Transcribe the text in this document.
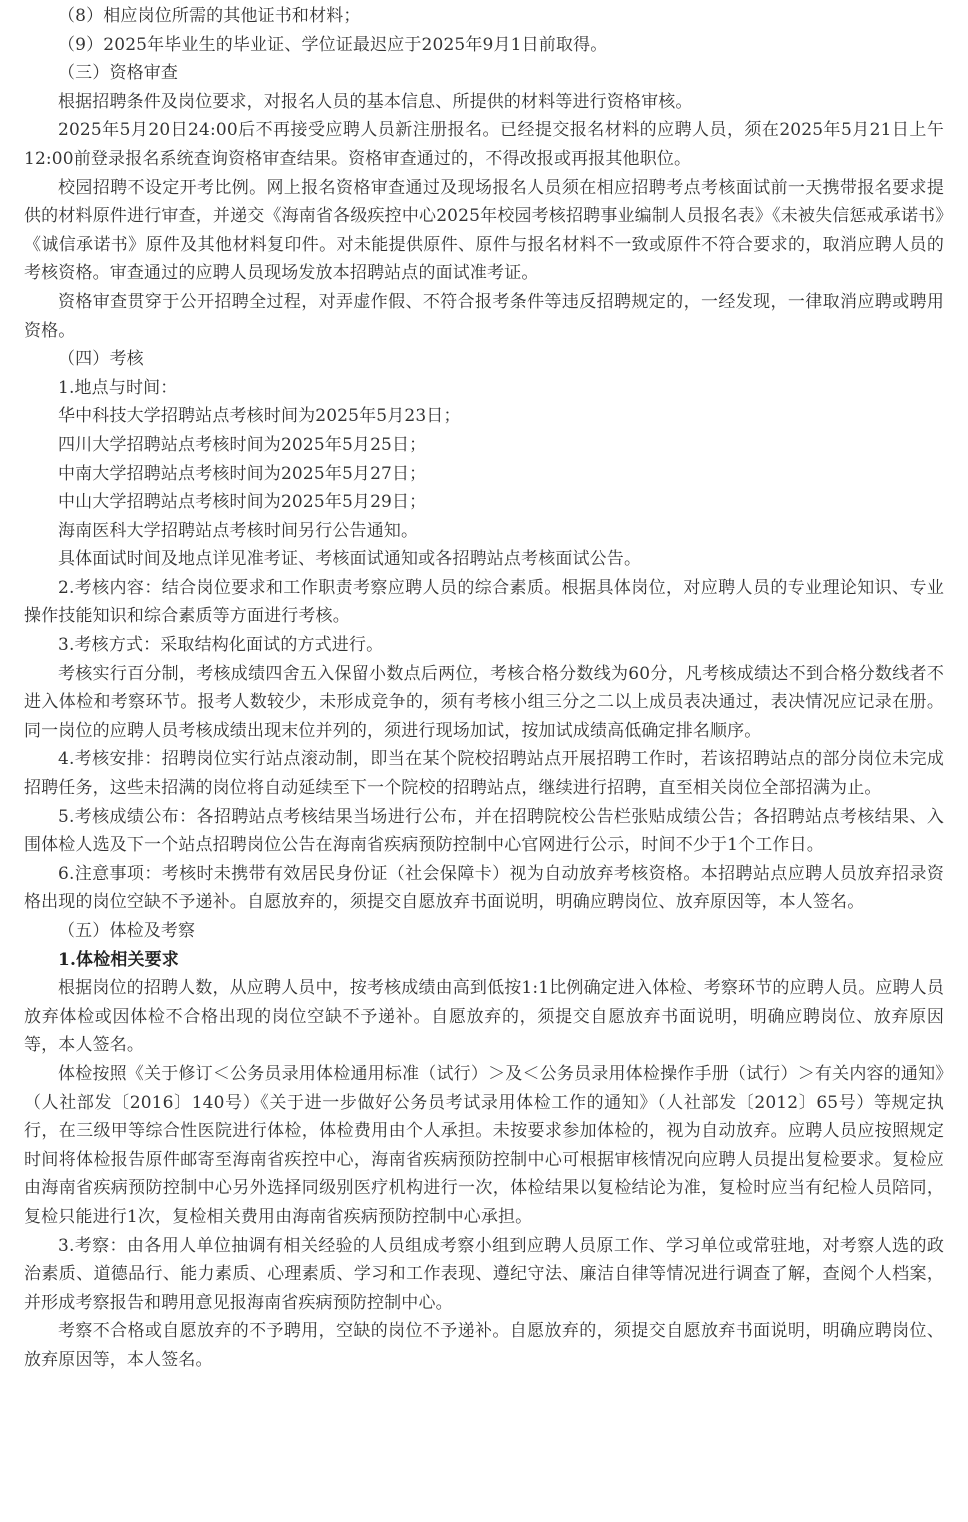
（8）相应岗位所需的其他证书和材料；

（9）2025年毕业生的毕业证、学位证最迟应于2025年9月1日前取得。

（三）资格审查

根据招聘条件及岗位要求，对报名人员的基本信息、所提供的材料等进行资格审核。

2025年5月20日24:00后不再接受应聘人员新注册报名。已经提交报名材料的应聘人员，须在2025年5月21日上午12:00前登录报名系统查询资格审查结果。资格审查通过的，不得改报或再报其他职位。

校园招聘不设定开考比例。网上报名资格审查通过及现场报名人员须在相应招聘考点考核面试前一天携带报名要求提供的材料原件进行审查，并递交《海南省各级疾控中心2025年校园考核招聘事业编制人员报名表》《未被失信惩戒承诺书》《诚信承诺书》原件及其他材料复印件。对未能提供原件、原件与报名材料不一致或原件不符合要求的，取消应聘人员的考核资格。审查通过的应聘人员现场发放本招聘站点的面试准考证。

资格审查贯穿于公开招聘全过程，对弄虚作假、不符合报考条件等违反招聘规定的，一经发现，一律取消应聘或聘用资格。

（四）考核

1.地点与时间：

华中科技大学招聘站点考核时间为2025年5月23日；

四川大学招聘站点考核时间为2025年5月25日；

中南大学招聘站点考核时间为2025年5月27日；

中山大学招聘站点考核时间为2025年5月29日；

海南医科大学招聘站点考核时间另行公告通知。

具体面试时间及地点详见准考证、考核面试通知或各招聘站点考核面试公告。

2.考核内容：结合岗位要求和工作职责考察应聘人员的综合素质。根据具体岗位，对应聘人员的专业理论知识、专业操作技能知识和综合素质等方面进行考核。

3.考核方式：采取结构化面试的方式进行。

考核实行百分制，考核成绩四舍五入保留小数点后两位，考核合格分数线为60分，凡考核成绩达不到合格分数线者不进入体检和考察环节。报考人数较少，未形成竞争的，须有考核小组三分之二以上成员表决通过，表决情况应记录在册。同一岗位的应聘人员考核成绩出现末位并列的，须进行现场加试，按加试成绩高低确定排名顺序。

4.考核安排：招聘岗位实行站点滚动制，即当在某个院校招聘站点开展招聘工作时，若该招聘站点的部分岗位未完成招聘任务，这些未招满的岗位将自动延续至下一个院校的招聘站点，继续进行招聘，直至相关岗位全部招满为止。

5.考核成绩公布：各招聘站点考核结果当场进行公布，并在招聘院校公告栏张贴成绩公告；各招聘站点考核结果、入围体检人选及下一个站点招聘岗位公告在海南省疾病预防控制中心官网进行公示，时间不少于1个工作日。

6.注意事项：考核时未携带有效居民身份证（社会保障卡）视为自动放弃考核资格。本招聘站点应聘人员放弃招录资格出现的岗位空缺不予递补。自愿放弃的，须提交自愿放弃书面说明，明确应聘岗位、放弃原因等，本人签名。

（五）体检及考察

1.体检相关要求

根据岗位的招聘人数，从应聘人员中，按考核成绩由高到低按1:1比例确定进入体检、考察环节的应聘人员。应聘人员放弃体检或因体检不合格出现的岗位空缺不予递补。自愿放弃的，须提交自愿放弃书面说明，明确应聘岗位、放弃原因等，本人签名。

体检按照《关于修订＜公务员录用体检通用标准（试行）＞及＜公务员录用体检操作手册（试行）＞有关内容的通知》（人社部发〔2016〕140号）《关于进一步做好公务员考试录用体检工作的通知》（人社部发〔2012〕65号）等规定执行，在三级甲等综合性医院进行体检，体检费用由个人承担。未按要求参加体检的，视为自动放弃。应聘人员应按照规定时间将体检报告原件邮寄至海南省疾控中心，海南省疾病预防控制中心可根据审核情况向应聘人员提出复检要求。复检应由海南省疾病预防控制中心另外选择同级别医疗机构进行一次，体检结果以复检结论为准，复检时应当有纪检人员陪同，复检只能进行1次，复检相关费用由海南省疾病预防控制中心承担。

3.考察：由各用人单位抽调有相关经验的人员组成考察小组到应聘人员原工作、学习单位或常驻地，对考察人选的政治素质、道德品行、能力素质、心理素质、学习和工作表现、遵纪守法、廉洁自律等情况进行调查了解，查阅个人档案，并形成考察报告和聘用意见报海南省疾病预防控制中心。

考察不合格或自愿放弃的不予聘用，空缺的岗位不予递补。自愿放弃的，须提交自愿放弃书面说明，明确应聘岗位、放弃原因等，本人签名。
